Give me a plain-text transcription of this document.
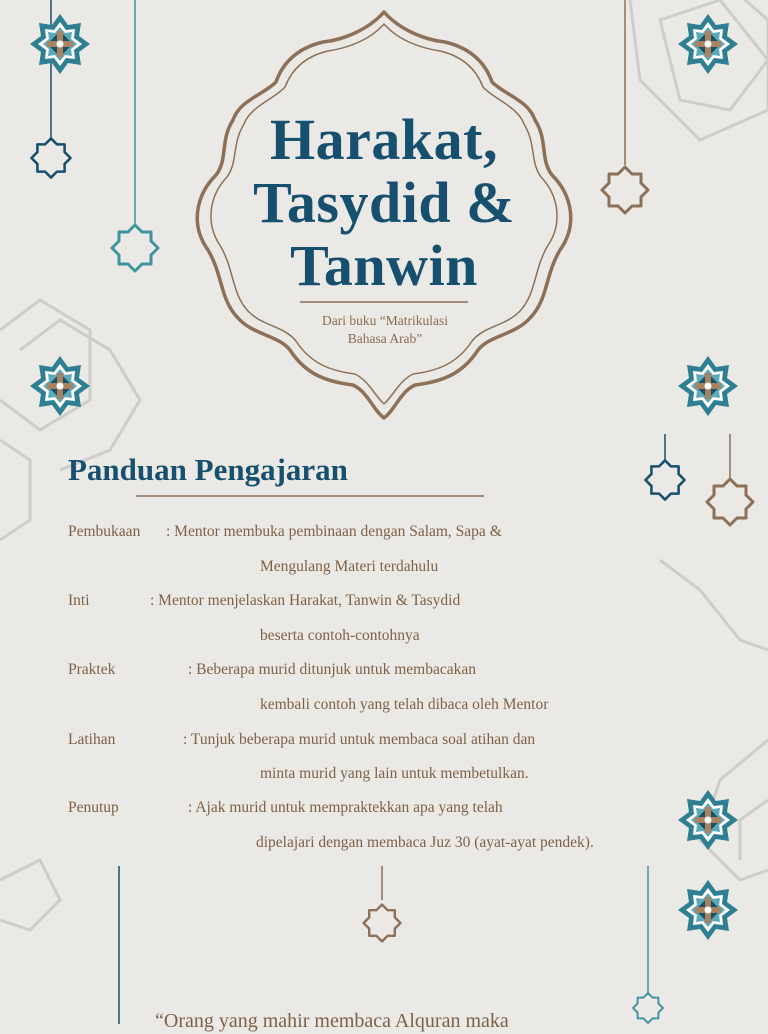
Harakat,
Tasydid &
Tanwin
Dari buku “Matrikulasi
Bahasa Arab”
Panduan Pengajaran
Pembukaan : Mentor membuka pembinaan dengan Salam, Sapa &
Mengulang Materi terdahulu
Inti	: Mentor menjelaskan Harakat, Tanwin & Tasydid
beserta contoh-contohnya
Praktek	: Beberapa murid ditunjuk untuk membacakan
kembali contoh yang telah dibaca oleh Mentor
Latihan	: Tunjuk beberapa murid untuk membaca soal atihan dan
minta murid yang lain untuk membetulkan.
Penutup	: Ajak murid untuk mempraktekkan apa yang telah
dipelajari dengan membaca Juz 30 (ayat-ayat pendek).
“Orang yang mahir membaca Alquran maka
